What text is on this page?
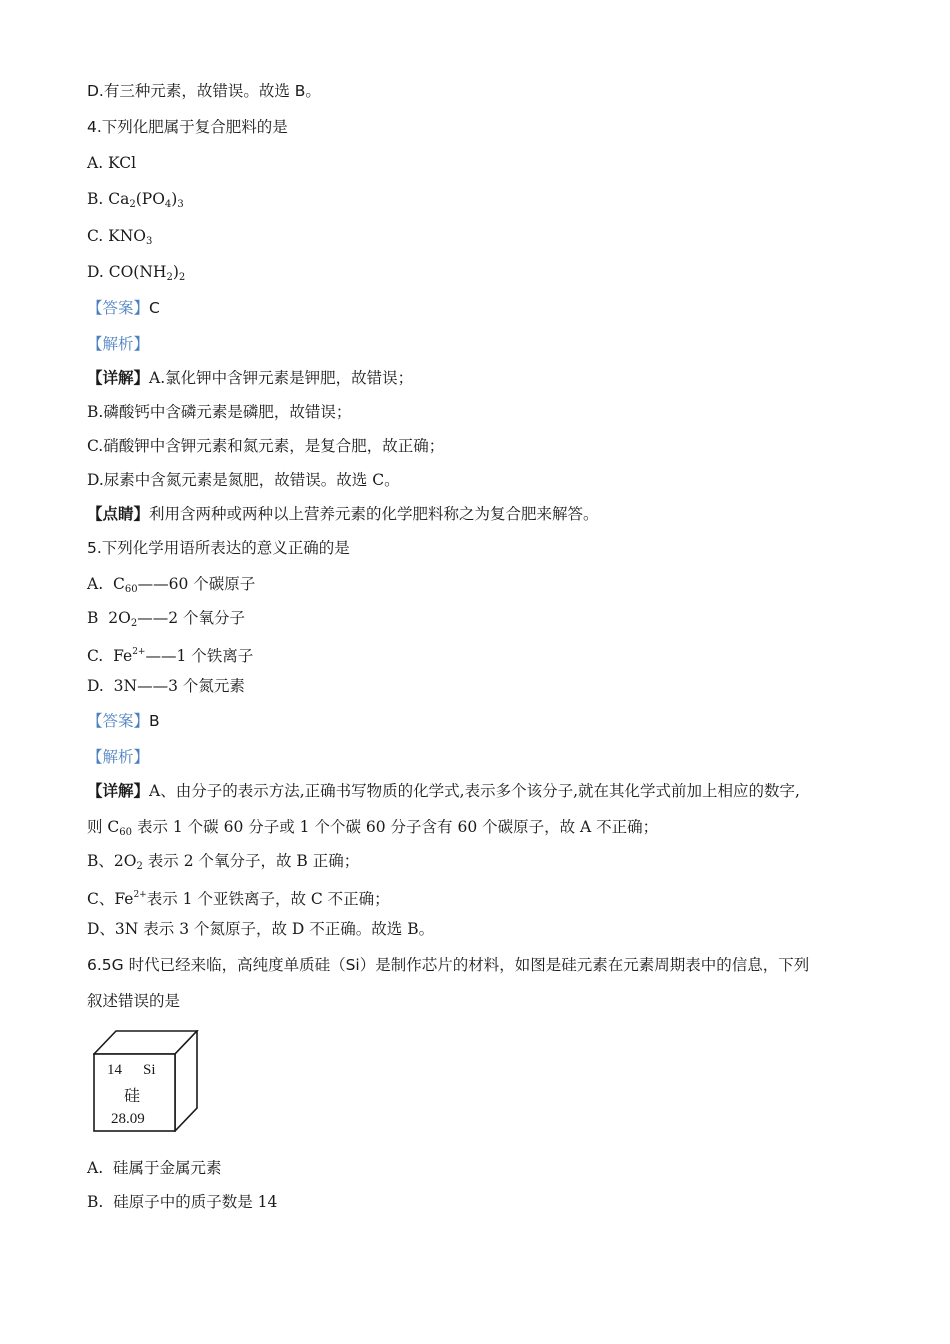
D.有三种元素，故错误。故选 B。
4.下列化肥属于复合肥料的是
A. KCl
B. $Ca_2(PO_4)_3$
C. $KNO_3$
D. $CO(NH_2)_2$
【答案】C
【解析】
【详解】A.氯化钾中含钾元素是钾肥，故错误；
B.磷酸钙中含磷元素是磷肥，故错误；
C.硝酸钾中含钾元素和氮元素，是复合肥，故正确；
D.尿素中含氮元素是氮肥，故错误。故选 C。
【点睛】利用含两种或两种以上营养元素的化学肥料称之为复合肥来解答。
5.下列化学用语所表达的意义正确的是
A. $C_{60}——60$ 个碳原子
B $2O_2——2$ 个氧分子
C. $Fe^{2+}——1$ 个铁离子
D. 3N——3 个氮元素
【答案】B
【解析】
【详解】A、由分子的表示方法,正确书写物质的化学式,表示多个该分子,就在其化学式前加上相应的数字,
则 $C_{60}$ 表示 1 个碳 60 分子或 1 个个碳 60 分子含有 60 个碳原子，故 A 不正确；
B、$2O_2$ 表示 2 个氧分子，故 B 正确；
C、$Fe^{2+}$表示 1 个亚铁离子，故 C 不正确；
D、3N 表示 3 个氮原子，故 D 不正确。故选 B。
6.5G 时代已经来临，高纯度单质硅（Si）是制作芯片的材料，如图是硅元素在元素周期表中的信息，下列
叙述错误的是
14 Si
硅
28.09
A. 硅属于金属元素
B. 硅原子中的质子数是 14
